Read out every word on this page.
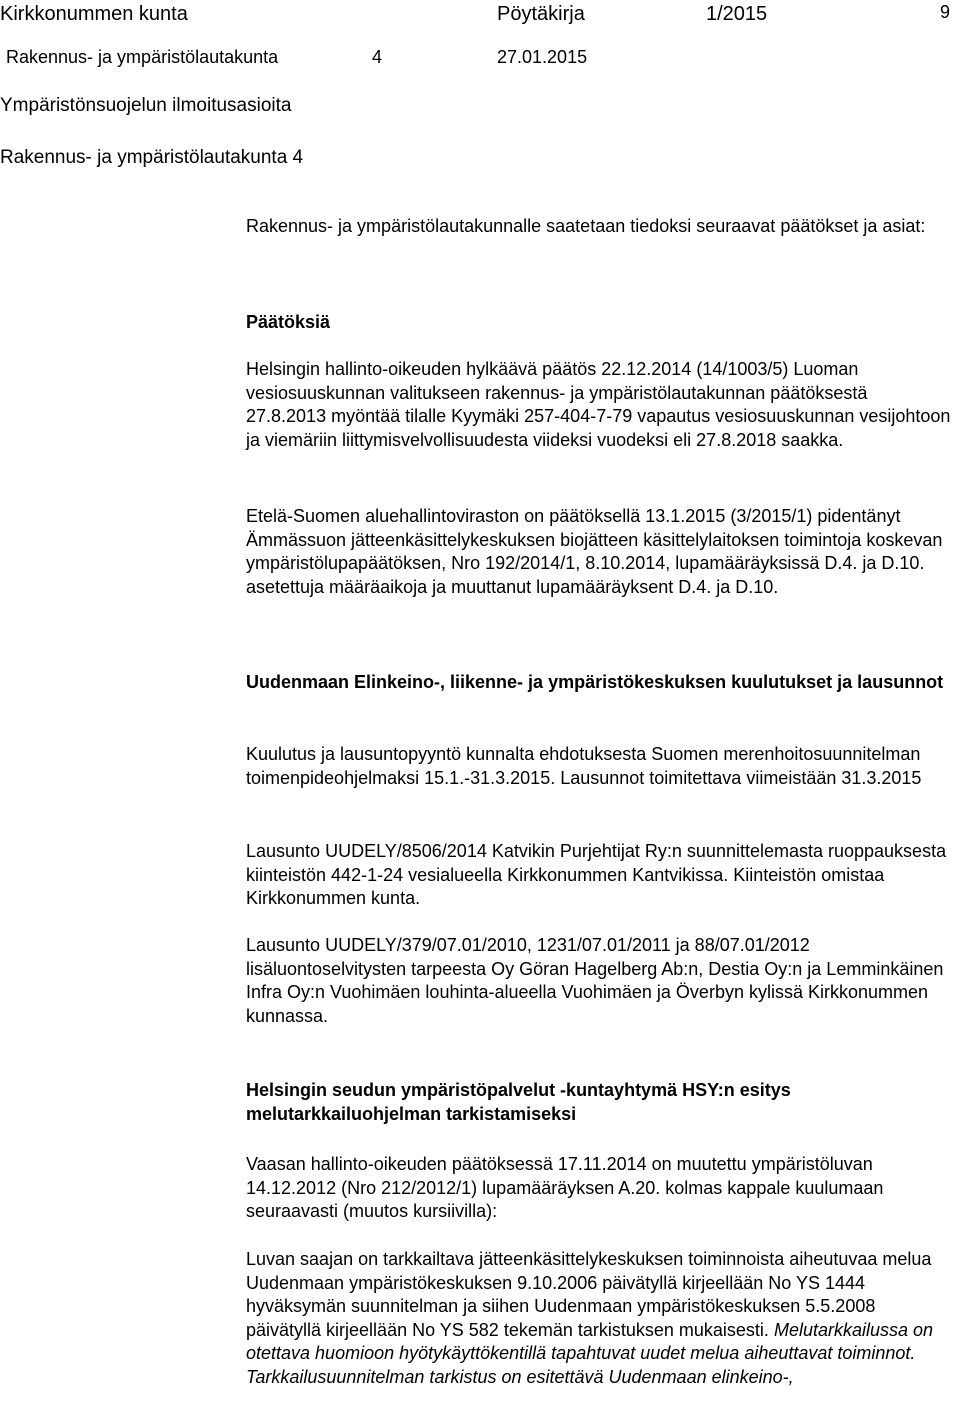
Kirkkonummen kunta	Pöytäkirja	1/2015	9
Rakennus- ja ympäristölautakunta	4	27.01.2015
Ympäristönsuojelun ilmoitusasioita
Rakennus- ja ympäristölautakunta 4

Rakennus- ja ympäristölautakunnalle saatetaan tiedoksi seuraavat päätökset ja asiat:

Päätöksiä

Helsingin hallinto-oikeuden hylkäävä päätös 22.12.2014 (14/1003/5) Luoman vesiosuuskunnan valitukseen rakennus- ja ympäristölautakunnan päätöksestä 27.8.2013 myöntää tilalle Kyymäki 257-404-7-79 vapautus vesiosuuskunnan vesijohtoon ja viemäriin liittymisvelvollisuudesta viideksi vuodeksi eli 27.8.2018 saakka.

Etelä-Suomen aluehallintoviraston on päätöksellä 13.1.2015 (3/2015/1) pidentänyt Ämmässuon jätteenkäsittelykeskuksen biojätteen käsittelylaitoksen toimintoja koskevan ympäristölupapäätöksen, Nro 192/2014/1, 8.10.2014, lupamääräyksissä D.4. ja D.10. asetettuja määräaikoja ja muuttanut lupamääräyksent D.4. ja D.10.

Uudenmaan Elinkeino-, liikenne- ja ympäristökeskuksen kuulutukset ja lausunnot

Kuulutus ja lausuntopyyntö kunnalta ehdotuksesta Suomen merenhoitosuunnitelman toimenpideohjelmaksi 15.1.-31.3.2015. Lausunnot toimitettava viimeistään 31.3.2015

Lausunto UUDELY/8506/2014 Katvikin Purjehtijat Ry:n suunnittelemasta ruoppauksesta kiinteistön 442-1-24 vesialueella Kirkkonummen Kantvikissa. Kiinteistön omistaa Kirkkonummen kunta.

Lausunto UUDELY/379/07.01/2010, 1231/07.01/2011 ja 88/07.01/2012 lisäluontoselvitysten tarpeesta Oy Göran Hagelberg Ab:n, Destia Oy:n ja Lemminkäinen Infra Oy:n Vuohimäen louhinta-alueella Vuohimäen ja Överbyn kylissä Kirkkonummen kunnassa.

Helsingin seudun ympäristöpalvelut -kuntayhtymä HSY:n esitys melutarkkailuohjelman tarkistamiseksi

Vaasan hallinto-oikeuden päätöksessä 17.11.2014 on muutettu ympäristöluvan 14.12.2012 (Nro 212/2012/1) lupamääräyksen A.20. kolmas kappale kuulumaan seuraavasti (muutos kursiivilla):

Luvan saajan on tarkkailtava jätteenkäsittelykeskuksen toiminnoista aiheutuvaa melua Uudenmaan ympäristökeskuksen 9.10.2006 päivätyllä kirjeellään No YS 1444 hyväksymän suunnitelman ja siihen Uudenmaan ympäristökeskuksen 5.5.2008 päivätyllä kirjeellään No YS 582 tekemän tarkistuksen mukaisesti. Melutarkkailussa on otettava huomioon hyötykäyttökentillä tapahtuvat uudet melua aiheuttavat toiminnot. Tarkkailusuunnitelman tarkistus on esitettävä Uudenmaan elinkeino-,
